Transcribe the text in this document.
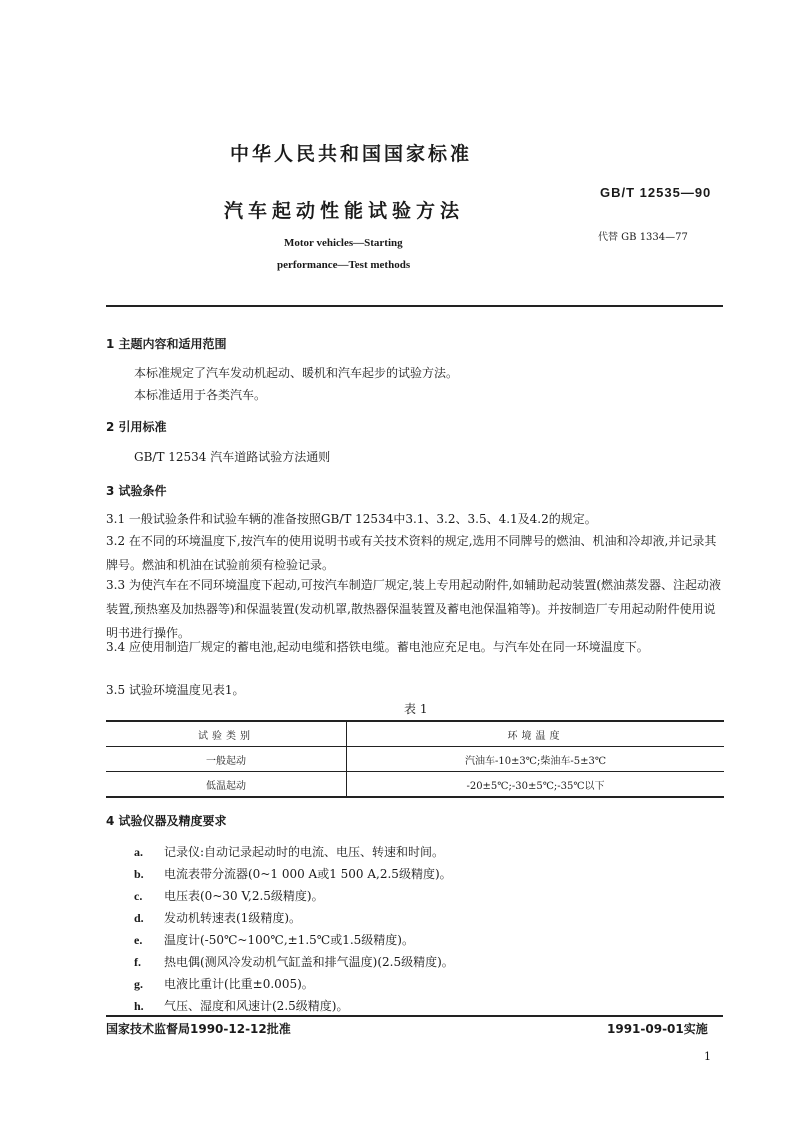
中华人民共和国国家标准
汽车起动性能试验方法
Motor vehicles—Starting
performance—Test methods
GB/T 12535—90
代替 GB 1334—77
1 主题内容和适用范围
本标准规定了汽车发动机起动、暖机和汽车起步的试验方法。
本标准适用于各类汽车。
2 引用标准
GB/T 12534 汽车道路试验方法通则
3 试验条件
3.1 一般试验条件和试验车辆的准备按照GB/T 12534中3.1、3.2、3.5、4.1及4.2的规定。
3.2 在不同的环境温度下,按汽车的使用说明书或有关技术资料的规定,选用不同牌号的燃油、机油和冷却液,并记录其牌号。燃油和机油在试验前须有检验记录。
3.3 为使汽车在不同环境温度下起动,可按汽车制造厂规定,装上专用起动附件,如辅助起动装置(燃油蒸发器、注起动液装置,预热塞及加热器等)和保温装置(发动机罩,散热器保温装置及蓄电池保温箱等)。并按制造厂专用起动附件使用说明书进行操作。
3.4 应使用制造厂规定的蓄电池,起动电缆和搭铁电缆。蓄电池应充足电。与汽车处在同一环境温度下。
3.5 试验环境温度见表1。
表 1
试验类别	环境温度
一般起动	汽油车-10±3℃;柴油车-5±3℃
低温起动	-20±5℃;-30±5℃;-35℃以下
4 试验仪器及精度要求
a. 记录仪:自动记录起动时的电流、电压、转速和时间。
b. 电流表带分流器(0~1 000 A或1 500 A,2.5级精度)。
c. 电压表(0~30 V,2.5级精度)。
d. 发动机转速表(1级精度)。
e. 温度计(-50℃~100℃,±1.5℃或1.5级精度)。
f. 热电偶(测风冷发动机气缸盖和排气温度)(2.5级精度)。
g. 电液比重计(比重±0.005)。
h. 气压、湿度和风速计(2.5级精度)。
国家技术监督局1990-12-12批准	1991-09-01实施
1
